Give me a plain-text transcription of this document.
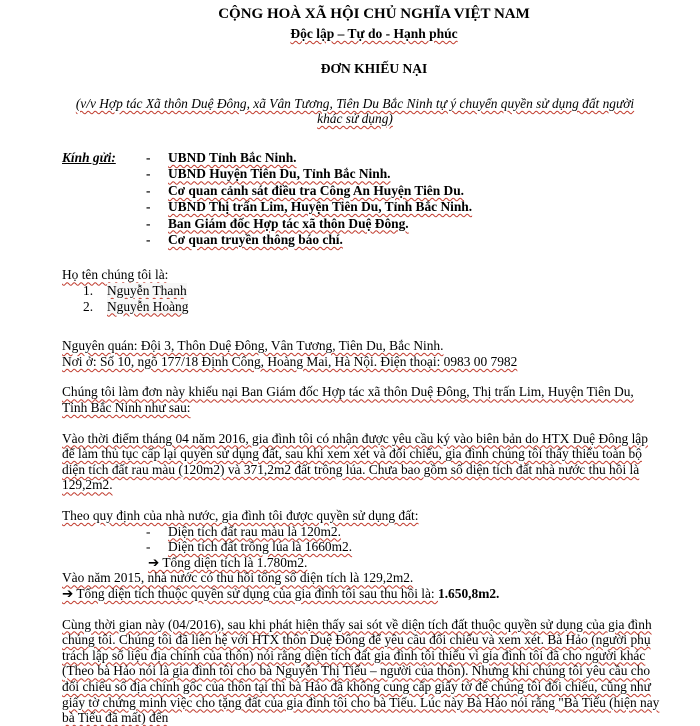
CỘNG HOÀ XÃ HỘI CHỦ NGHĨA VIỆT NAM
Độc lập – Tự do - Hạnh phúc
ĐƠN KHIẾU NẠI
(v/v Hợp tác Xã thôn Duệ Đông, xã Vân Tương, Tiên Du Bắc Ninh tự ý chuyển quyền sử dụng đất người khác sử dụng)
Kính gửi: - UBND Tỉnh Bắc Ninh.
- UBND Huyện Tiên Du, Tỉnh Bắc Ninh.
- Cơ quan cảnh sát điều tra Công An Huyện Tiên Du.
- UBND Thị trấn Lim, Huyện Tiên Du, Tỉnh Bắc Ninh.
- Ban Giám đốc Hợp tác xã thôn Duệ Đông.
- Cơ quan truyền thông báo chí.

Họ tên chúng tôi là:

1. Nguyễn Thanh
2. Nguyễn Hoàng

Nguyên quán: Đội 3, Thôn Duệ Đông, Vân Tương, Tiên Du, Bắc Ninh.

Nơi ở: Số 10, ngõ 177/18 Định Công, Hoàng Mai, Hà Nội. Điện thoại: 0983 00 7982

Chúng tôi làm đơn này khiếu nại Ban Giám đốc Hợp tác xã thôn Duệ Đông, Thị trấn Lim, Huyện Tiên Du, Tỉnh Bắc Ninh như sau:

Vào thời điểm tháng 04 năm 2016, gia đình tôi có nhận được yêu cầu ký vào biên bản do HTX Duệ Đông lập để làm thủ tục cấp lại quyền sử dụng đất, sau khi xem xét và đối chiếu, gia đình chúng tôi thấy thiếu toàn bộ diện tích đất rau màu (120m2) và 371,2m2 đất trồng lúa. Chưa bao gồm số diện tích đất nhà nước thu hồi là 129,2m2.

Theo quy định của nhà nước, gia đình tôi được quyền sử dụng đất:

- Diện tích đất rau màu là 120m2.
- Diện tích đất trồng lúa là 1660m2.
➔ Tổng diện tích là 1.780m2.

Vào năm 2015, nhà nước có thu hồi tổng số diện tích là 129,2m2.

➔ Tổng diện tích thuộc quyền sử dụng của gia đình tôi sau thu hồi là: 1.650,8m2.

Cùng thời gian này (04/2016), sau khi phát hiện thấy sai sót về diện tích đất thuộc quyền sử dụng của gia đình chúng tôi. Chúng tôi đã liên hệ với HTX thôn Duệ Đông để yêu cầu đối chiếu và xem xét. Bà Hảo (người phụ trách lập sổ liệu địa chính của thôn) nói rằng diện tích đất gia đình tôi thiếu vì gia đình tôi đã cho người khác (Theo bà Hảo nói là gia đình tôi cho bà Nguyễn Thị Tiếu – người của thôn). Nhưng khi chúng tôi yêu cầu cho đối chiếu sổ địa chính gốc của thôn tại thì bà Hảo đã không cung cấp giấy tờ để chúng tôi đối chiếu, cũng như giấy tờ chứng minh việc cho tặng đất của gia đình tôi cho bà Tiếu. Lúc này Bà Hảo nói rằng "Bà Tiếu (hiện nay bà Tiếu đã mất) đến
